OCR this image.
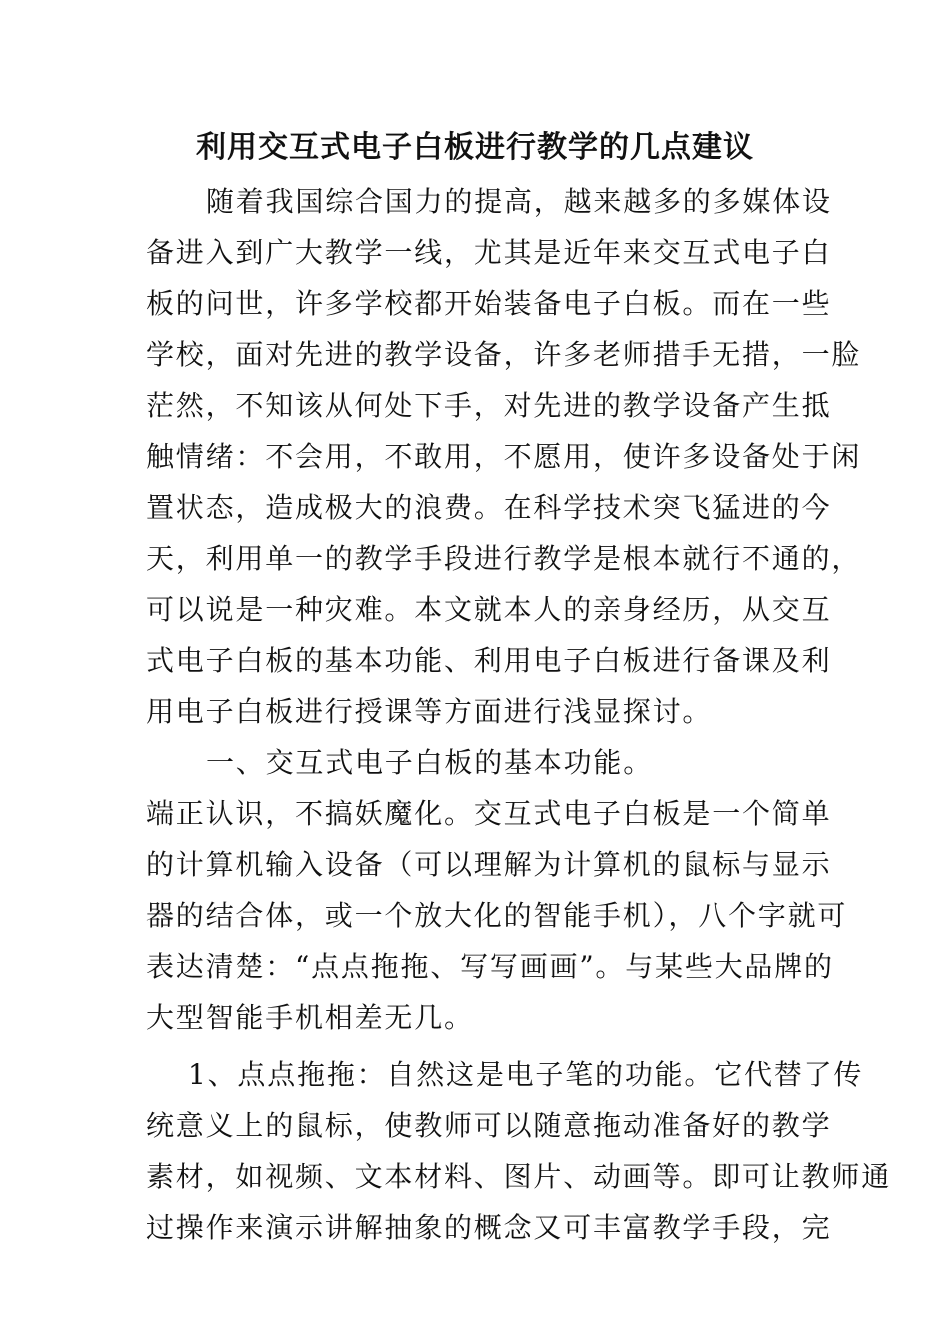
利用交互式电子白板进行教学的几点建议
随着我国综合国力的提高，越来越多的多媒体设
备进入到广大教学一线，尤其是近年来交互式电子白
板的问世，许多学校都开始装备电子白板。而在一些
学校，面对先进的教学设备，许多老师措手无措，一脸
茫然，不知该从何处下手，对先进的教学设备产生抵
触情绪：不会用，不敢用，不愿用，使许多设备处于闲
置状态，造成极大的浪费。在科学技术突飞猛进的今
天，利用单一的教学手段进行教学是根本就行不通的，
可以说是一种灾难。本文就本人的亲身经历，从交互
式电子白板的基本功能、利用电子白板进行备课及利
用电子白板进行授课等方面进行浅显探讨。
一、交互式电子白板的基本功能。
端正认识，不搞妖魔化。交互式电子白板是一个简单
的计算机输入设备（可以理解为计算机的鼠标与显示
器的结合体，或一个放大化的智能手机），八个字就可
表达清楚：“点点拖拖、写写画画”。与某些大品牌的
大型智能手机相差无几。
1、点点拖拖：自然这是电子笔的功能。它代替了传
统意义上的鼠标，使教师可以随意拖动准备好的教学
素材，如视频、文本材料、图片、动画等。即可让教师通
过操作来演示讲解抽象的概念又可丰富教学手段，完
